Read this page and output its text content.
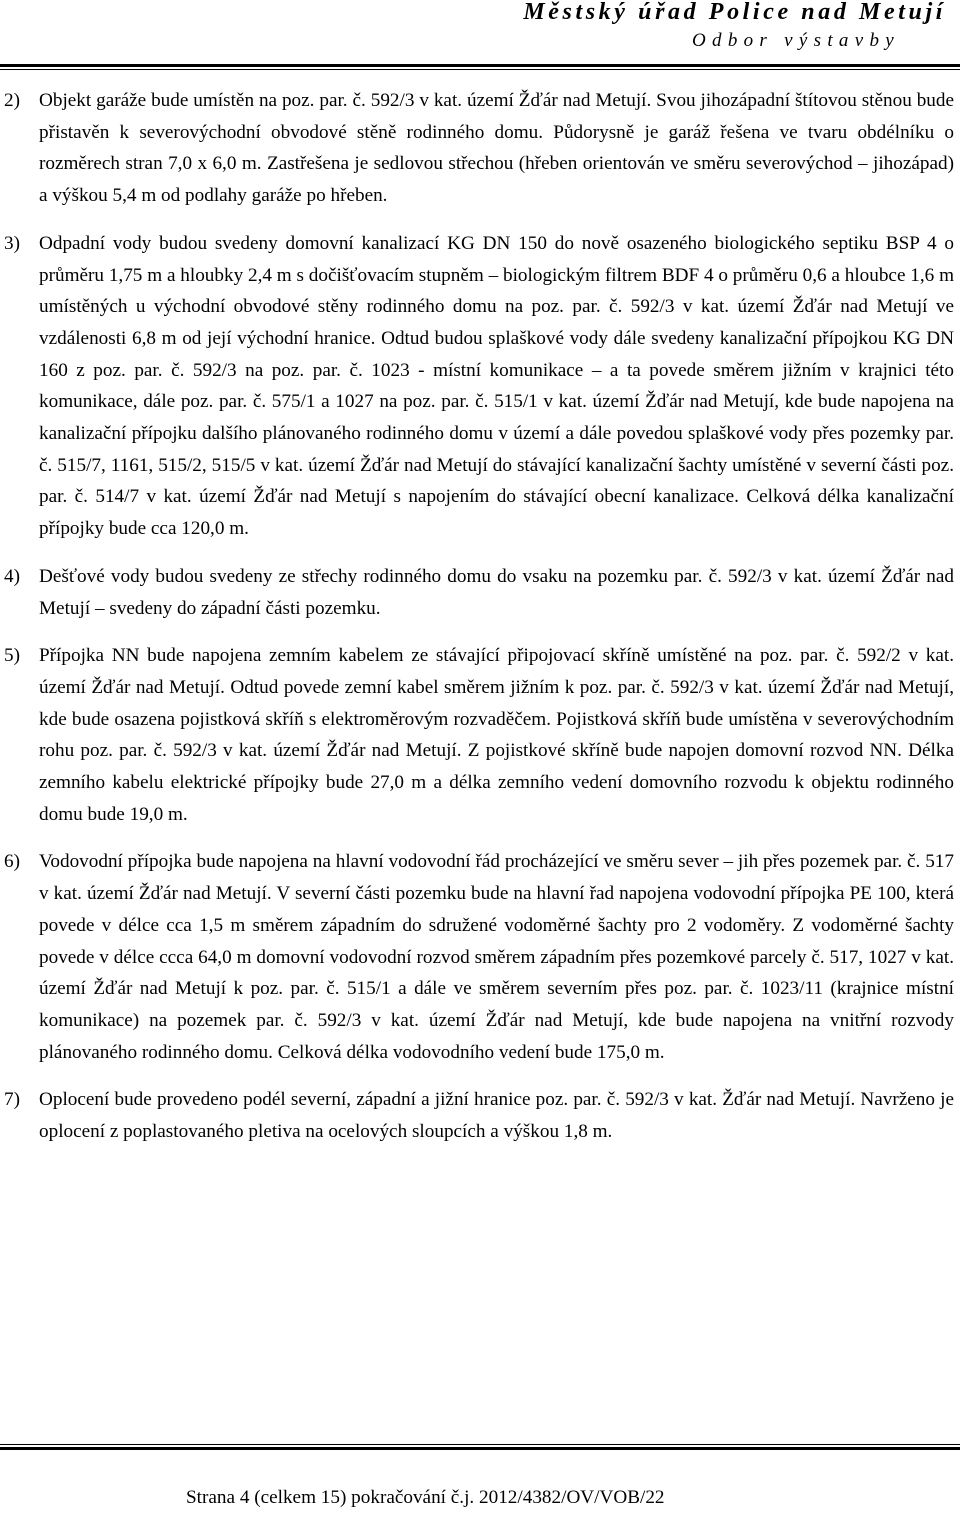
Městský úřad Police nad Metují
Odbor výstavby
2) Objekt garáže bude umístěn na poz. par. č. 592/3 v kat. území Žďár nad Metují. Svou jihozápadní štítovou stěnou bude přistavěn k severovýchodní obvodové stěně rodinného domu. Půdorysně je garáž řešena ve tvaru obdélníku o rozměrech stran 7,0 x 6,0 m. Zastřešena je sedlovou střechou (hřeben orientován ve směru severovýchod – jihozápad) a výškou 5,4 m od podlahy garáže po hřeben.

3) Odpadní vody budou svedeny domovní kanalizací KG DN 150 do nově osazeného biologického septiku BSP 4 o průměru 1,75 m a hloubky 2,4 m s dočišťovacím stupněm – biologickým filtrem BDF 4 o průměru 0,6 a hloubce 1,6 m umístěných u východní obvodové stěny rodinného domu na poz. par. č. 592/3 v kat. území Žďár nad Metují ve vzdálenosti 6,8 m od její východní hranice. Odtud budou splaškové vody dále svedeny kanalizační přípojkou KG DN 160 z poz. par. č. 592/3 na poz. par. č. 1023 - místní komunikace – a ta povede směrem jižním v krajnici této komunikace, dále poz. par. č. 575/1 a 1027 na poz. par. č. 515/1 v kat. území Žďár nad Metují, kde bude napojena na kanalizační přípojku dalšího plánovaného rodinného domu v území a dále povedou splaškové vody přes pozemky par. č. 515/7, 1161, 515/2, 515/5 v kat. území Žďár nad Metují do stávající kanalizační šachty umístěné v severní části poz. par. č. 514/7 v kat. území Žďár nad Metují s napojením do stávající obecní kanalizace. Celková délka kanalizační přípojky bude cca 120,0 m.

4) Dešťové vody budou svedeny ze střechy rodinného domu do vsaku na pozemku par. č. 592/3 v kat. území Žďár nad Metují – svedeny do západní části pozemku.

5) Přípojka NN bude napojena zemním kabelem ze stávající připojovací skříně umístěné na poz. par. č. 592/2 v kat. území Žďár nad Metují. Odtud povede zemní kabel směrem jižním k poz. par. č. 592/3 v kat. území Žďár nad Metují, kde bude osazena pojistková skříň s elektroměrovým rozvaděčem. Pojistková skříň bude umístěna v severovýchodním rohu poz. par. č. 592/3 v kat. území Žďár nad Metují. Z pojistkové skříně bude napojen domovní rozvod NN. Délka zemního kabelu elektrické přípojky bude 27,0 m a délka zemního vedení domovního rozvodu k objektu rodinného domu bude 19,0 m.

6) Vodovodní přípojka bude napojena na hlavní vodovodní řád procházející ve směru sever – jih přes pozemek par. č. 517 v kat. území Žďár nad Metují. V severní části pozemku bude na hlavní řad napojena vodovodní přípojka PE 100, která povede v délce cca 1,5 m směrem západním do sdružené vodoměrné šachty pro 2 vodoměry. Z vodoměrné šachty povede v délce ccca 64,0 m domovní vodovodní rozvod směrem západním přes pozemkové parcely č. 517, 1027 v kat. území Žďár nad Metují k poz. par. č. 515/1 a dále ve směrem severním přes poz. par. č. 1023/11 (krajnice místní komunikace) na pozemek par. č. 592/3 v kat. území Žďár nad Metují, kde bude napojena na vnitřní rozvody plánovaného rodinného domu. Celková délka vodovodního vedení bude 175,0 m.

7) Oplocení bude provedeno podél severní, západní a jižní hranice poz. par. č. 592/3 v kat. Žďár nad Metují. Navrženo je oplocení z poplastovaného pletiva na ocelových sloupcích a výškou 1,8 m.

Strana 4 (celkem 15) pokračování č.j. 2012/4382/OV/VOB/22
